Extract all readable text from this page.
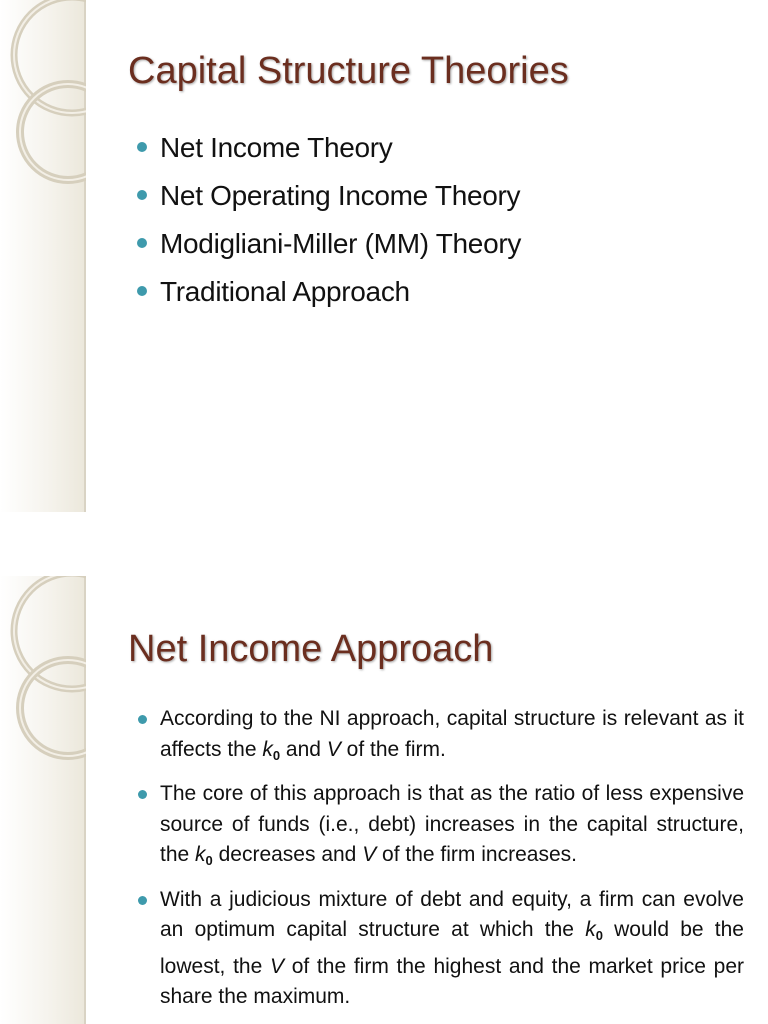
Capital Structure Theories
Net Income Theory
Net Operating Income Theory
Modigliani-Miller (MM) Theory
Traditional Approach
Net Income Approach
According to the NI approach, capital structure is relevant as it affects the $k_0$ and V of the firm.
The core of this approach is that as the ratio of less expensive source of funds (i.e., debt) increases in the capital structure, the $k_0$ decreases and V of the firm increases.
With a judicious mixture of debt and equity, a firm can evolve an optimum capital structure at which the $k_0$ would be the lowest, the V of the firm the highest and the market price per share the maximum.
